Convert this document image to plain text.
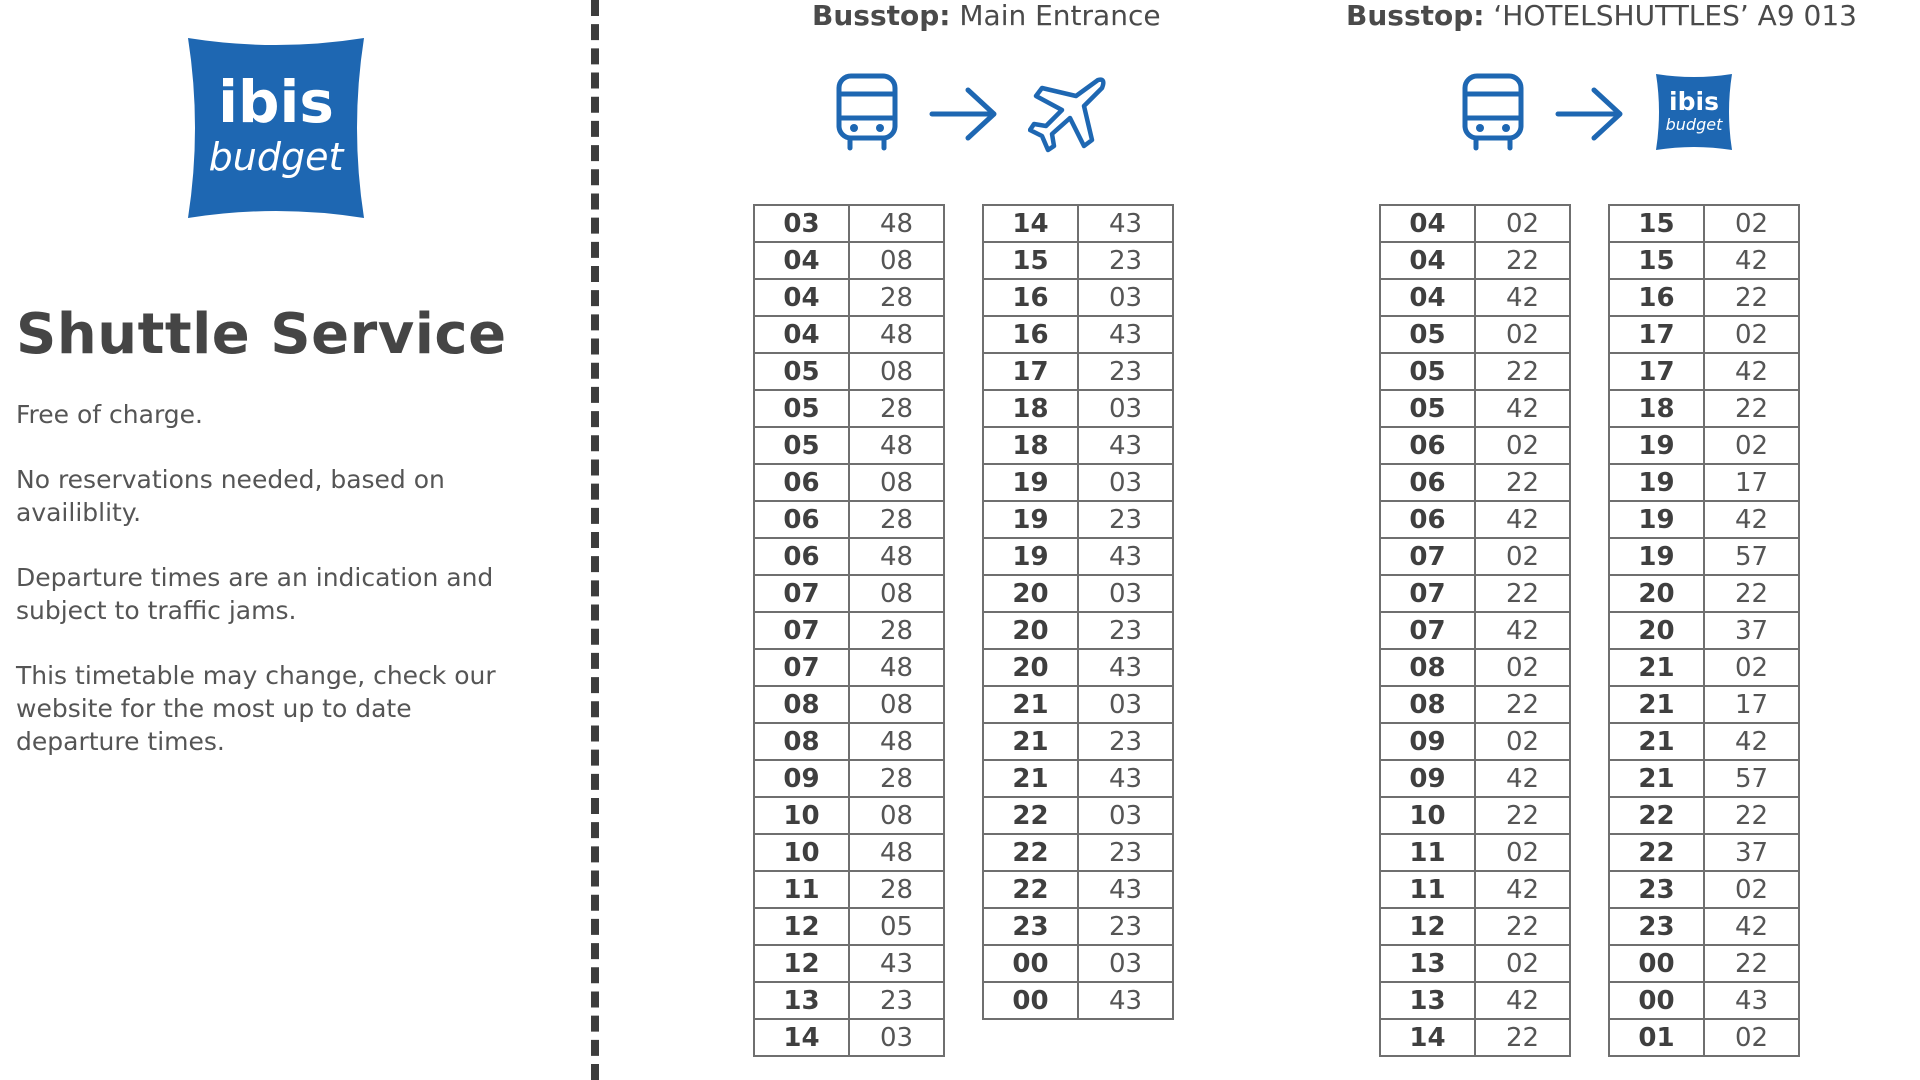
ibis
budget
Shuttle Service

Free of charge.

No reservations needed, based on availiblity.

Departure times are an indication and subject to traffic jams.

This timetable may change, check our website for the most up to date departure times.

Busstop: Main Entrance
03	48
04	08
04	28
04	48
05	08
05	28
05	48
06	08
06	28
06	48
07	08
07	28
07	48
08	08
08	48
09	28
10	08
10	48
11	28
12	05
12	43
13	23
14	03
14	43
15	23
16	03
16	43
17	23
18	03
18	43
19	03
19	23
19	43
20	03
20	23
20	43
21	03
21	23
21	43
22	03
22	23
22	43
23	23
00	03
00	43
Busstop: ‘HOTELSHUTTLES’ A9 013
ibis
budget
04	02
04	22
04	42
05	02
05	22
05	42
06	02
06	22
06	42
07	02
07	22
07	42
08	02
08	22
09	02
09	42
10	22
11	02
11	42
12	22
13	02
13	42
14	22
15	02
15	42
16	22
17	02
17	42
18	22
19	02
19	17
19	42
19	57
20	22
20	37
21	02
21	17
21	42
21	57
22	22
22	37
23	02
23	42
00	22
00	43
01	02
